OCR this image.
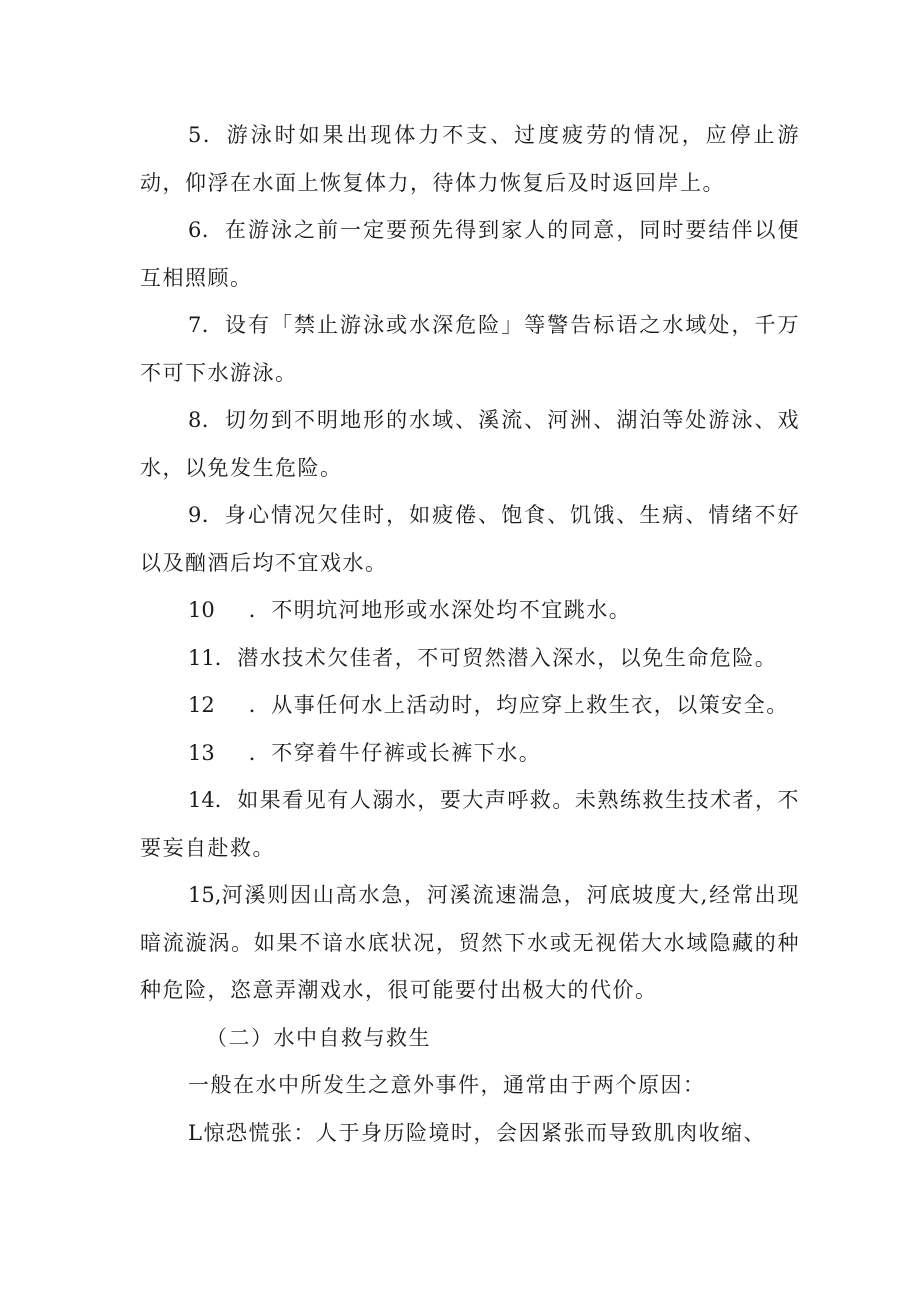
5．游泳时如果出现体力不支、过度疲劳的情况，应停止游动，仰浮在水面上恢复体力，待体力恢复后及时返回岸上。

6．在游泳之前一定要预先得到家人的同意，同时要结伴以便互相照顾。

7．设有「禁止游泳或水深危险」等警告标语之水域处，千万不可下水游泳。

8．切勿到不明地形的水域、溪流、河洲、湖泊等处游泳、戏水，以免发生危险。

9．身心情况欠佳时，如疲倦、饱食、饥饿、生病、情绪不好以及酗酒后均不宜戏水。

10 ．不明坑河地形或水深处均不宜跳水。

11．潜水技术欠佳者，不可贸然潜入深水，以免生命危险。

12 ．从事任何水上活动时，均应穿上救生衣，以策安全。

13 ．不穿着牛仔裤或长裤下水。

14．如果看见有人溺水，要大声呼救。未熟练救生技术者，不要妄自赴救。

15,河溪则因山高水急，河溪流速湍急，河底坡度大,经常出现暗流漩涡。如果不谙水底状况，贸然下水或无视偌大水域隐藏的种种危险，恣意弄潮戏水，很可能要付出极大的代价。

（二）水中自救与救生

一般在水中所发生之意外事件，通常由于两个原因：

L惊恐慌张：人于身历险境时，会因紧张而导致肌肉收缩、
